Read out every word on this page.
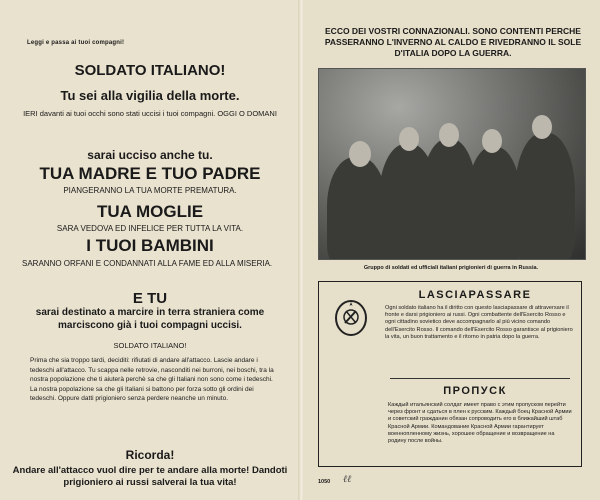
Leggi e passa ai tuoi compagni!

SOLDATO ITALIANO!

Tu sei alla vigilia della morte.

IERI davanti ai tuoi occhi sono stati uccisi i tuoi compagni. OGGI O DOMANI

sarai ucciso anche tu.

TUA MADRE E TUO PADRE

PIANGERANNO LA TUA MORTE PREMATURA.

TUA MOGLIE

SARA VEDOVA ED INFELICE PER TUTTA LA VITA.

I TUOI BAMBINI

SARANNO ORFANI E CONDANNATI ALLA FAME ED ALLA MISERIA.

E TU

sarai destinato a marcire in terra straniera come marciscono già i tuoi compagni uccisi.

SOLDATO ITALIANO!

Prima che sia troppo tardi, deciditi: rifiutati di andare all'attacco. Lascie andare i tedeschi all'attacco. Tu scappa nelle retrovie, nasconditi nei burroni, nei boschi, tra la nostra popolazione che ti aiuterà perchè sa che gli Italiani non sono come i tedeschi. La nostra popolazione sa che gli Italiani si battono per forza sotto gli ordini dei tedeschi. Oppure datti prigioniero senza perdere neanche un minuto.

Ricorda!

Andare all'attacco vuol dire per te andare alla morte! Dandoti prigioniero ai russi salverai la tua vita!

ECCO DEI VOSTRI CONNAZIONALI. SONO CONTENTI PERCHE PASSERANNO L'INVERNO AL CALDO E RIVEDRANNO IL SOLE D'ITALIA DOPO LA GUERRA.
Gruppo di soldati ed ufficiali italiani prigionieri di guerra in Russia.
LASCIAPASSARE
Ogni soldato italiano ha il diritto con questo lasciapassare di attraversare il fronte e darsi prigioniero ai russi. Ogni combattente dell'Esercito Rosso e ogni cittadino sovietico deve accompagnarlo al più vicino comando dell'Esercito Rosso. Il comando dell'Esercito Rosso garantisce al prigioniero la vita, un buon trattamento e il ritorno in patria dopo la guerra.
ПРОПУСК
Каждый итальянский солдат имеет право с этим пропуском перейти через фронт и сдаться в плен к русским. Каждый боец Красной Армии и советский гражданин обязан сопроводить его в ближайший штаб Красной Армии. Командование Красной Армии гарантирует военнопленному жизнь, хорошее обращение и возвращение на родину после войны.
1050 ℓℓ
